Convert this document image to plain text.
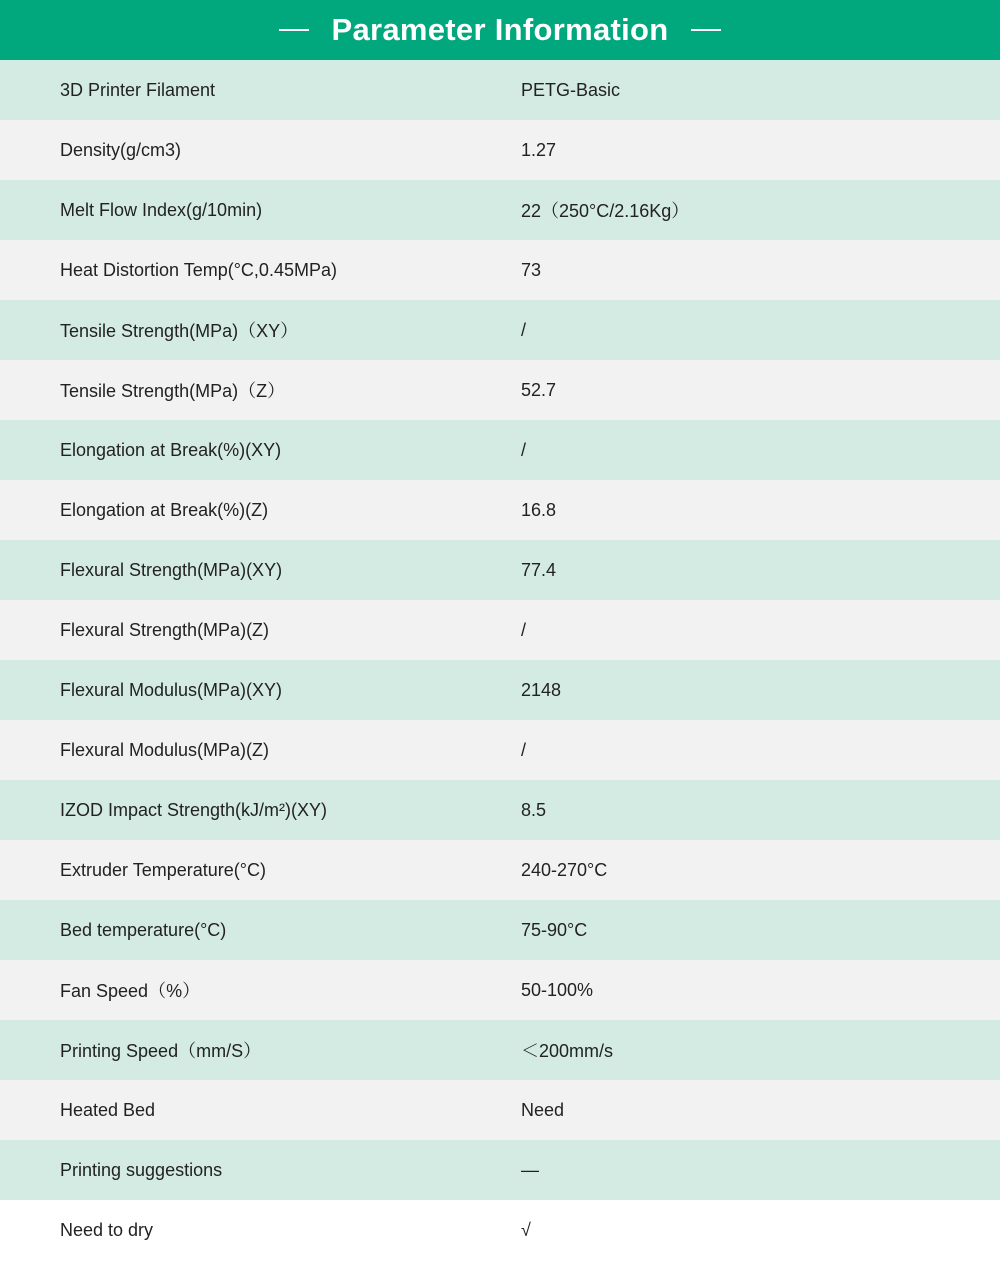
Parameter Information
3D Printer Filament	PETG-Basic
Density(g/cm3)	1.27
Melt Flow Index(g/10min)	22（250°C/2.16Kg）
Heat Distortion Temp(°C,0.45MPa)	73
Tensile Strength(MPa)（XY）	/
Tensile Strength(MPa)（Z）	52.7
Elongation at Break(%)(XY)	/
Elongation at Break(%)(Z)	16.8
Flexural Strength(MPa)(XY)	77.4
Flexural Strength(MPa)(Z)	/
Flexural Modulus(MPa)(XY)	2148
Flexural Modulus(MPa)(Z)	/
IZOD Impact Strength(kJ/m²)(XY)	8.5
Extruder Temperature(°C)	240-270°C
Bed temperature(°C)	75-90°C
Fan Speed（%）	50-100%
Printing Speed（mm/S）	＜200mm/s
Heated Bed	Need
Printing suggestions	—
Need to dry	√
